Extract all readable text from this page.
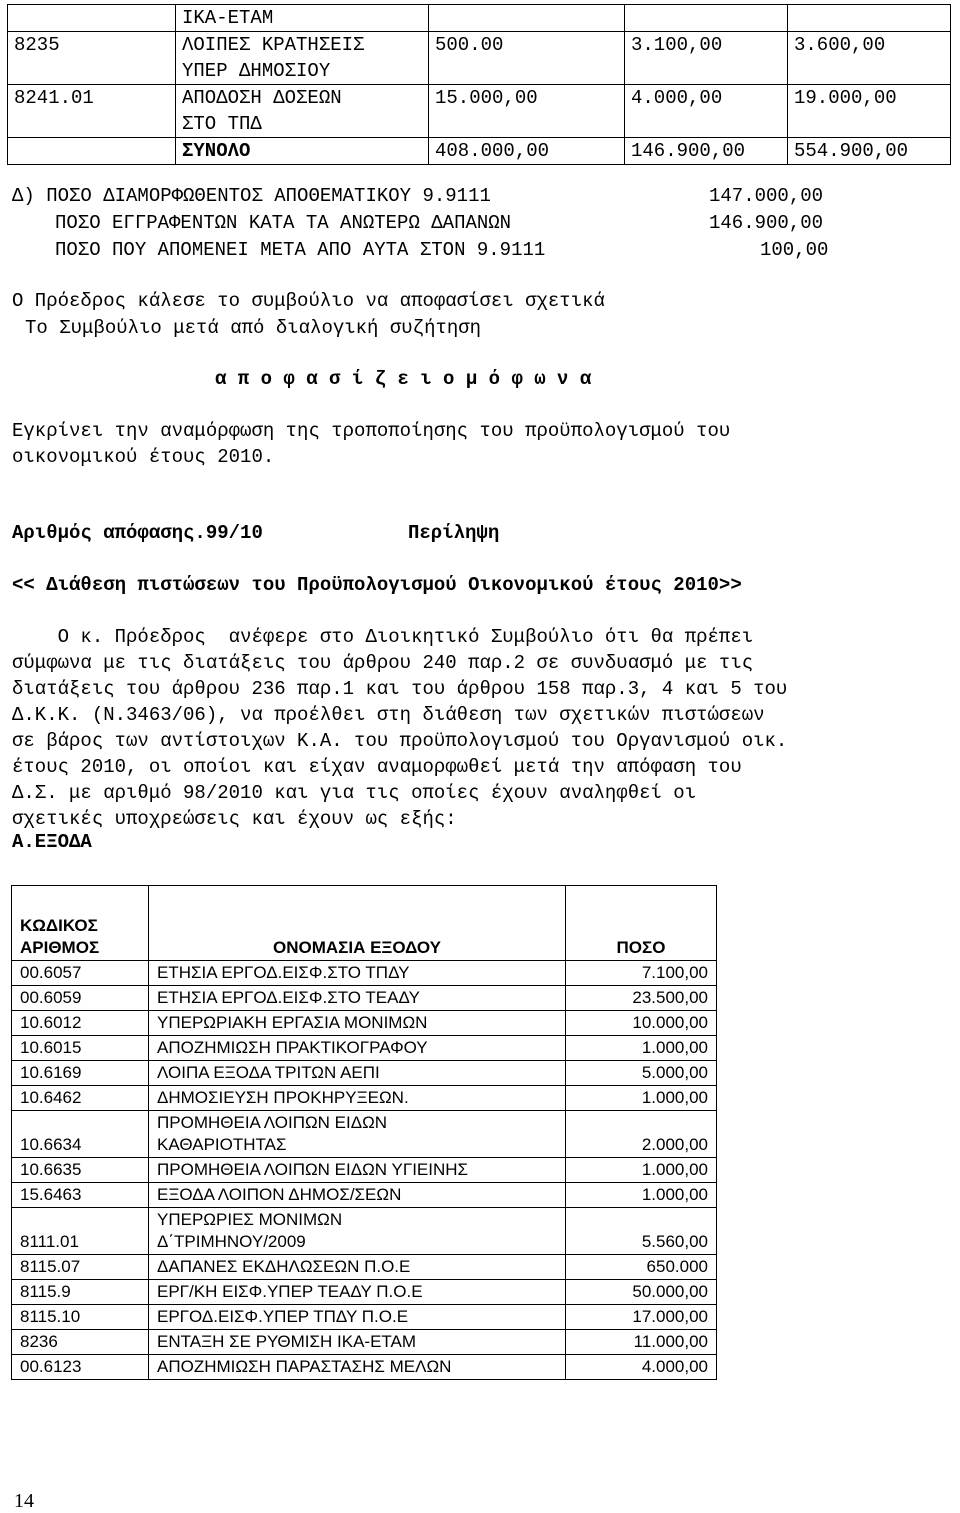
	ΙΚΑ-ΕΤΑΜ			
8235	ΛΟΙΠΕΣ ΚΡΑΤΗΣΕΙΣ
ΥΠΕΡ ΔΗΜΟΣΙΟΥ	500.00	3.100,00	3.600,00
8241.01	ΑΠΟΔΟΣΗ ΔΟΣΕΩΝ
ΣΤΟ ΤΠΔ	15.000,00	4.000,00	19.000,00
	ΣΥΝΟΛΟ	408.000,00	146.900,00	554.900,00
Δ) ΠΟΣΟ ΔΙΑΜΟΡΦΩΘΕΝΤΟΣ ΑΠΟΘΕΜΑΤΙΚΟΥ 9.9111	147.000,00
ΠΟΣΟ ΕΓΓΡΑΦΕΝΤΩΝ ΚΑΤΑ ΤΑ ΑΝΩΤΕΡΩ ΔΑΠΑΝΩΝ	146.900,00
ΠΟΣΟ ΠΟΥ ΑΠΟΜΕΝΕΙ ΜΕΤΑ ΑΠΟ ΑΥΤΑ ΣΤΟΝ 9.9111	100,00
Ο Πρόεδρος κάλεσε το συμβούλιο να αποφασίσει σχετικά
Το Συμβούλιο μετά από διαλογική συζήτηση
α π ο φ α σ ί ζ ε ι ο μ ό φ ω ν α
Εγκρίνει την αναμόρφωση της τροποποίησης του προϋπολογισμού του
οικονομικού έτους 2010.
Αριθμός απόφασης.99/10	Περίληψη
<< Διάθεση πιστώσεων του Προϋπολογισμού Οικονομικού έτους 2010>>
Ο κ. Πρόεδρος  ανέφερε στο Διοικητικό Συμβούλιο ότι θα πρέπει
σύμφωνα με τις διατάξεις του άρθρου 240 παρ.2 σε συνδυασμό με τις
διατάξεις του άρθρου 236 παρ.1 και του άρθρου 158 παρ.3, 4 και 5 του
Δ.Κ.Κ. (Ν.3463/06), να προέλθει στη διάθεση των σχετικών πιστώσεων
σε βάρος των αντίστοιχων Κ.Α. του προϋπολογισμού του Οργανισμού οικ.
έτους 2010, οι οποίοι και είχαν αναμορφωθεί μετά την απόφαση του
Δ.Σ. με αριθμό 98/2010 και για τις οποίες έχουν αναληφθεί οι
σχετικές υποχρεώσεις και έχουν ως εξής:
Α.ΕΞΟΔΑ
ΚΩΔΙΚΟΣ
ΑΡΙΘΜΟΣ	ΟΝΟΜΑΣΙΑ ΕΞΟΔΟΥ	ΠΟΣΟ
00.6057	ΕΤΗΣΙΑ ΕΡΓΟΔ.ΕΙΣΦ.ΣΤΟ ΤΠΔΥ	7.100,00
00.6059	ΕΤΗΣΙΑ ΕΡΓΟΔ.ΕΙΣΦ.ΣΤΟ ΤΕΑΔΥ	23.500,00
10.6012	ΥΠΕΡΩΡΙΑΚΗ ΕΡΓΑΣΙΑ ΜΟΝΙΜΩΝ	10.000,00
10.6015	ΑΠΟΖΗΜΙΩΣΗ ΠΡΑΚΤΙΚΟΓΡΑΦΟΥ	1.000,00
10.6169	ΛΟΙΠΑ ΕΞΟΔΑ ΤΡΙΤΩΝ ΑΕΠΙ	5.000,00
10.6462	ΔΗΜΟΣΙΕΥΣΗ ΠΡΟΚΗΡΥΞΕΩΝ.	1.000,00
10.6634	ΠΡΟΜΗΘΕΙΑ ΛΟΙΠΩΝ ΕΙΔΩΝ
ΚΑΘΑΡΙΟΤΗΤΑΣ	2.000,00
10.6635	ΠΡΟΜΗΘΕΙΑ ΛΟΙΠΩΝ ΕΙΔΩΝ ΥΓΙΕΙΝΗΣ	1.000,00
15.6463	ΕΞΟΔΑ ΛΟΙΠΟΝ ΔΗΜΟΣ/ΣΕΩΝ	1.000,00
8111.01	ΥΠΕΡΩΡΙΕΣ ΜΟΝΙΜΩΝ
Δ΄ΤΡΙΜΗΝΟΥ/2009	5.560,00
8115.07	ΔΑΠΑΝΕΣ ΕΚΔΗΛΩΣΕΩΝ Π.Ο.Ε	650.000
8115.9	ΕΡΓ/ΚΗ ΕΙΣΦ.ΥΠΕΡ ΤΕΑΔΥ Π.Ο.Ε	50.000,00
8115.10	ΕΡΓΟΔ.ΕΙΣΦ.ΥΠΕΡ ΤΠΔΥ Π.Ο.Ε	17.000,00
8236	ΕΝΤΑΞΗ ΣΕ ΡΥΘΜΙΣΗ ΙΚΑ-ΕΤΑΜ	11.000,00
00.6123	ΑΠΟΖΗΜΙΩΣΗ ΠΑΡΑΣΤΑΣΗΣ ΜΕΛΩΝ	4.000,00
14
